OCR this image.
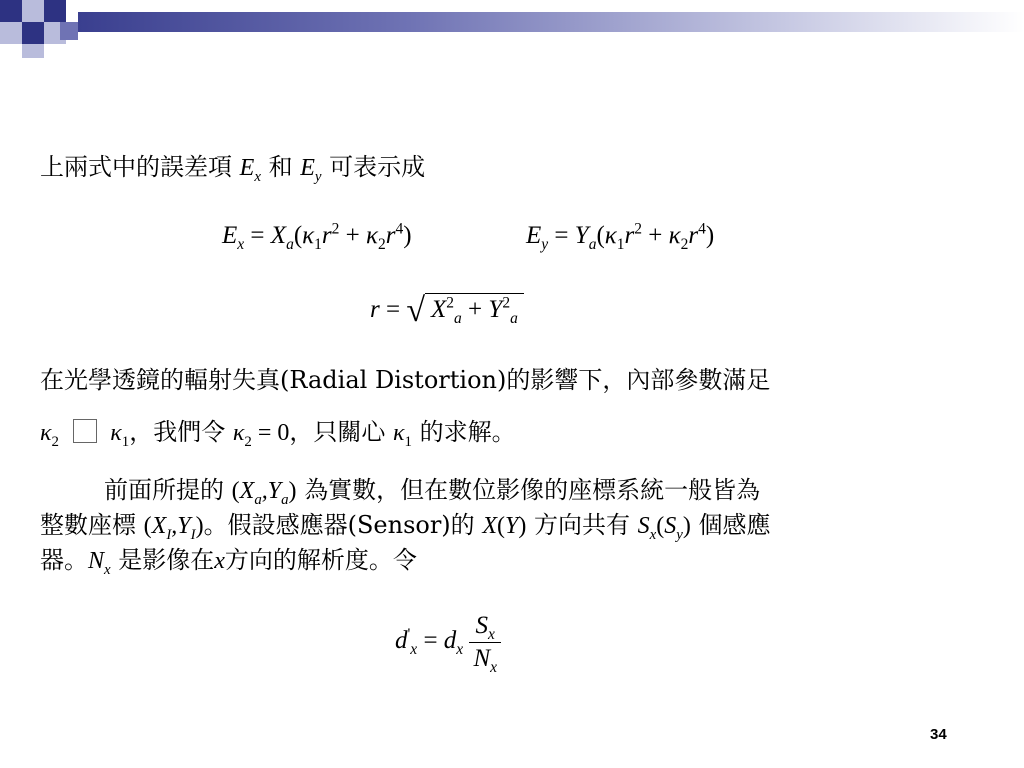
上兩式中的誤差項 $E_x$ 和 $E_y$ 可表示成
$E_x = X_a(\kappa_1r^2 + \kappa_2r^4)$	$E_y = Y_a(\kappa_1r^2 + \kappa_2r^4)$
r = √ $X^2_a + Y^2_a$
在光學透鏡的輻射失真(Radial Distortion)的影響下，內部參數滿足
$\kappa_2$ $\kappa_1$，我們令 $\kappa_2 = 0$，只關心 $\kappa_1$ 的求解。
前面所提的 $(X_a,Y_a)$ 為實數，但在數位影像的座標系統一般皆為
整數座標 $(X_I,Y_I)$。假設感應器(Sensor)的 X(Y) 方向共有 $S_x(S_y)$ 個感應
器。$N_x$ 是影像在x方向的解析度。令
$d'_x = d_x \frac{S_x}{N_x}$
34
